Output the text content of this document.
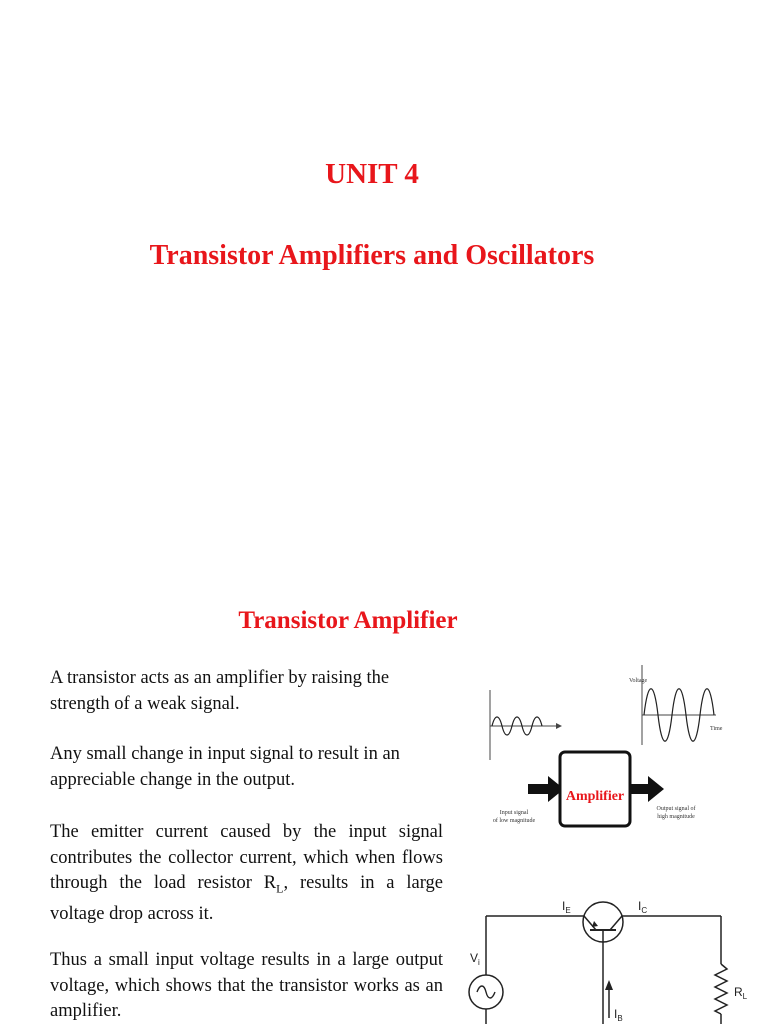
UNIT 4
Transistor Amplifiers and Oscillators
Transistor Amplifier
A transistor acts as an amplifier by raising the strength of a weak signal.
Any small change in input signal to result in an appreciable change in the output.
The emitter current caused by the input signal contributes the collector current, which when flows through the load resistor $R_L$, results in a large voltage drop across it.
Thus a small input voltage results in a large output voltage, which shows that the transistor works as an amplifier.
Voltage
Time
Amplifier
Input signal
of low magnitude
Output signal of
high magnitude
$I_E$	$I_C$
$I_B$
$V_i$
$R_L$
